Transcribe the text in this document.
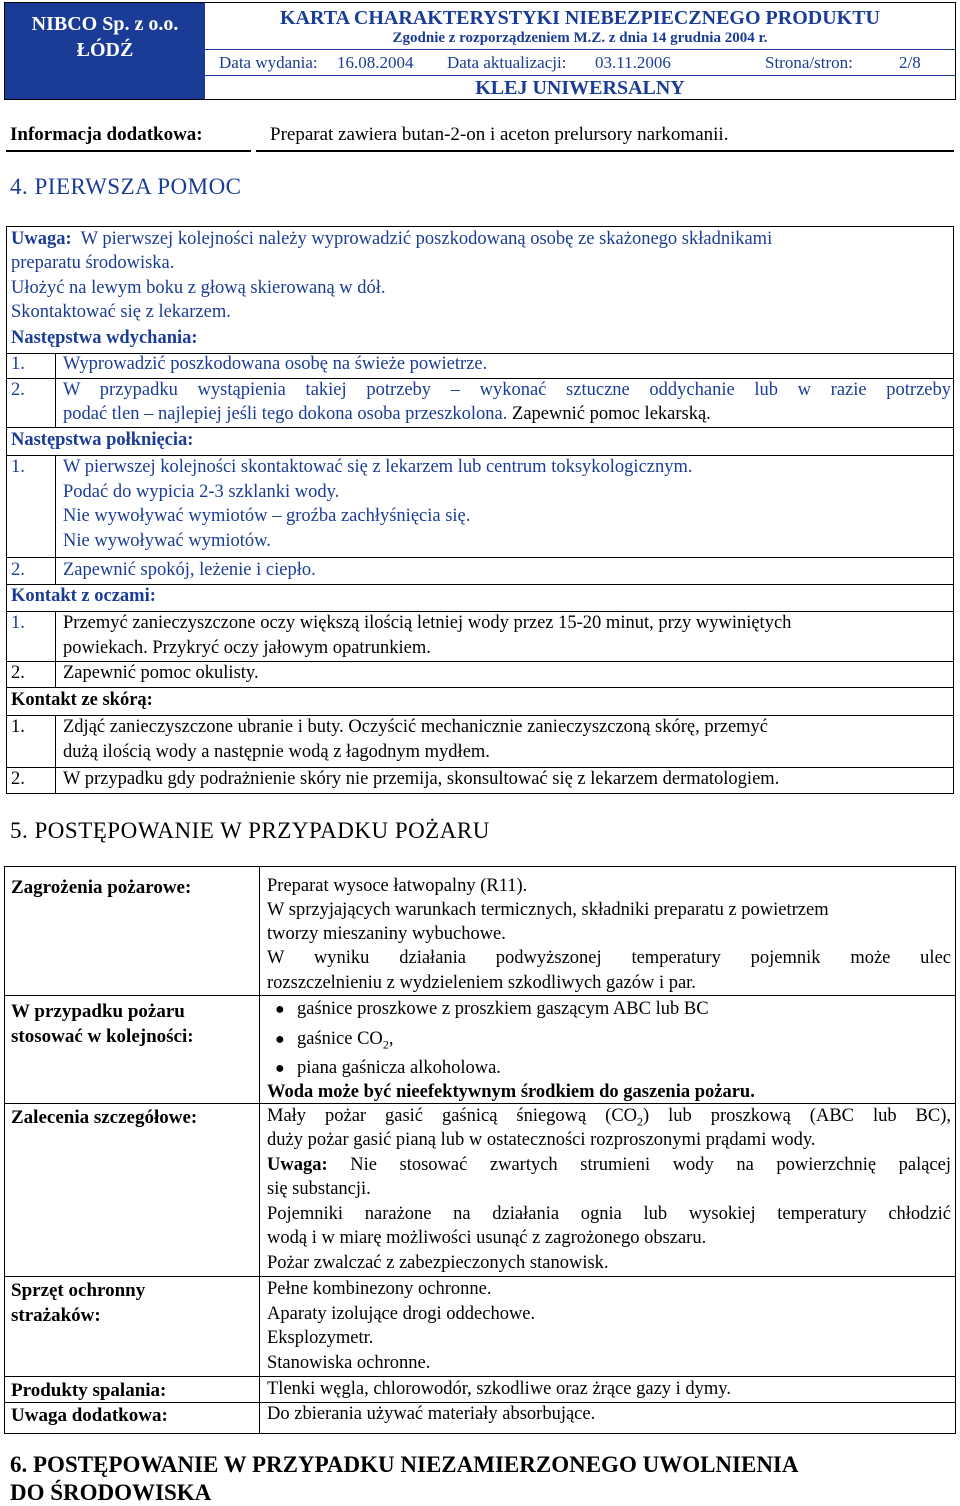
NIBCO Sp. z o.o.
ŁÓDŹ
KARTA CHARAKTERYSTYKI NIEBEZPIECZNEGO PRODUKTU
Zgodnie z rozporządzeniem M.Z. z dnia 14 grudnia 2004 r.
Data wydania: 16.08.2004 Data aktualizacji: 03.11.2006	Strona/stron:	2/8
KLEJ UNIWERSALNY
Informacja dodatkowa:	Preparat zawiera butan-2-on i aceton prelursory narkomanii.
4. PIERWSZA POMOC
Uwaga: W pierwszej kolejności należy wyprowadzić poszkodowaną osobę ze skażonego składnikami
preparatu środowiska.
Ułożyć na lewym boku z głową skierowaną w dół.
Skontaktować się z lekarzem.
Następstwa wdychania:
1. Wyprowadzić poszkodowana osobę na świeże powietrze.
2. W przypadku wystąpienia takiej potrzeby – wykonać sztuczne oddychanie lub w razie potrzeby
podać tlen – najlepiej jeśli tego dokona osoba przeszkolona. Zapewnić pomoc lekarską.
Następstwa połknięcia:
1. W pierwszej kolejności skontaktować się z lekarzem lub centrum toksykologicznym.
Podać do wypicia 2-3 szklanki wody.
Nie wywoływać wymiotów – groźba zachłyśnięcia się.
Nie wywoływać wymiotów.
2. Zapewnić spokój, leżenie i ciepło.
Kontakt z oczami:
1. Przemyć zanieczyszczone oczy większą ilością letniej wody przez 15-20 minut, przy wywiniętych
powiekach. Przykryć oczy jałowym opatrunkiem.
2. Zapewnić pomoc okulisty.
Kontakt ze skórą:
1. Zdjąć zanieczyszczone ubranie i buty. Oczyścić mechanicznie zanieczyszczoną skórę, przemyć
dużą ilością wody a następnie wodą z łagodnym mydłem.
2. W przypadku gdy podrażnienie skóry nie przemija, skonsultować się z lekarzem dermatologiem.
5. POSTĘPOWANIE W PRZYPADKU POŻARU
Zagrożenia pożarowe:	Preparat wysoce łatwopalny (R11).
W sprzyjających warunkach termicznych, składniki preparatu z powietrzem
tworzy mieszaniny wybuchowe.
W wyniku działania podwyższonej temperatury pojemnik może ulec
rozszczelnieniu z wydzieleniem szkodliwych gazów i par.
W przypadku pożaru
stosować w kolejności:
● gaśnice proszkowe z proszkiem gaszącym ABC lub BC
● gaśnice $CO_2$,
● piana gaśnicza alkoholowa.
Woda może być nieefektywnym środkiem do gaszenia pożaru.
Zalecenia szczegółowe:	Mały pożar gasić gaśnicą śniegową $(CO_2)$ lub proszkową (ABC lub BC),
duży pożar gasić pianą lub w ostateczności rozproszonymi prądami wody.
Uwaga: Nie stosować zwartych strumieni wody na powierzchnię palącej
się substancji.
Pojemniki narażone na działania ognia lub wysokiej temperatury chłodzić
wodą i w miarę możliwości usunąć z zagrożonego obszaru.
Pożar zwalczać z zabezpieczonych stanowisk.
Sprzęt ochronny
strażaków:
Pełne kombinezony ochronne.
Aparaty izolujące drogi oddechowe.
Eksplozymetr.
Stanowiska ochronne.
Produkty spalania:	Tlenki węgla, chlorowodór, szkodliwe oraz żrące gazy i dymy.
Uwaga dodatkowa:	Do zbierania używać materiały absorbujące.
6. POSTĘPOWANIE W PRZYPADKU NIEZAMIERZONEGO UWOLNIENIA
DO ŚRODOWISKA
